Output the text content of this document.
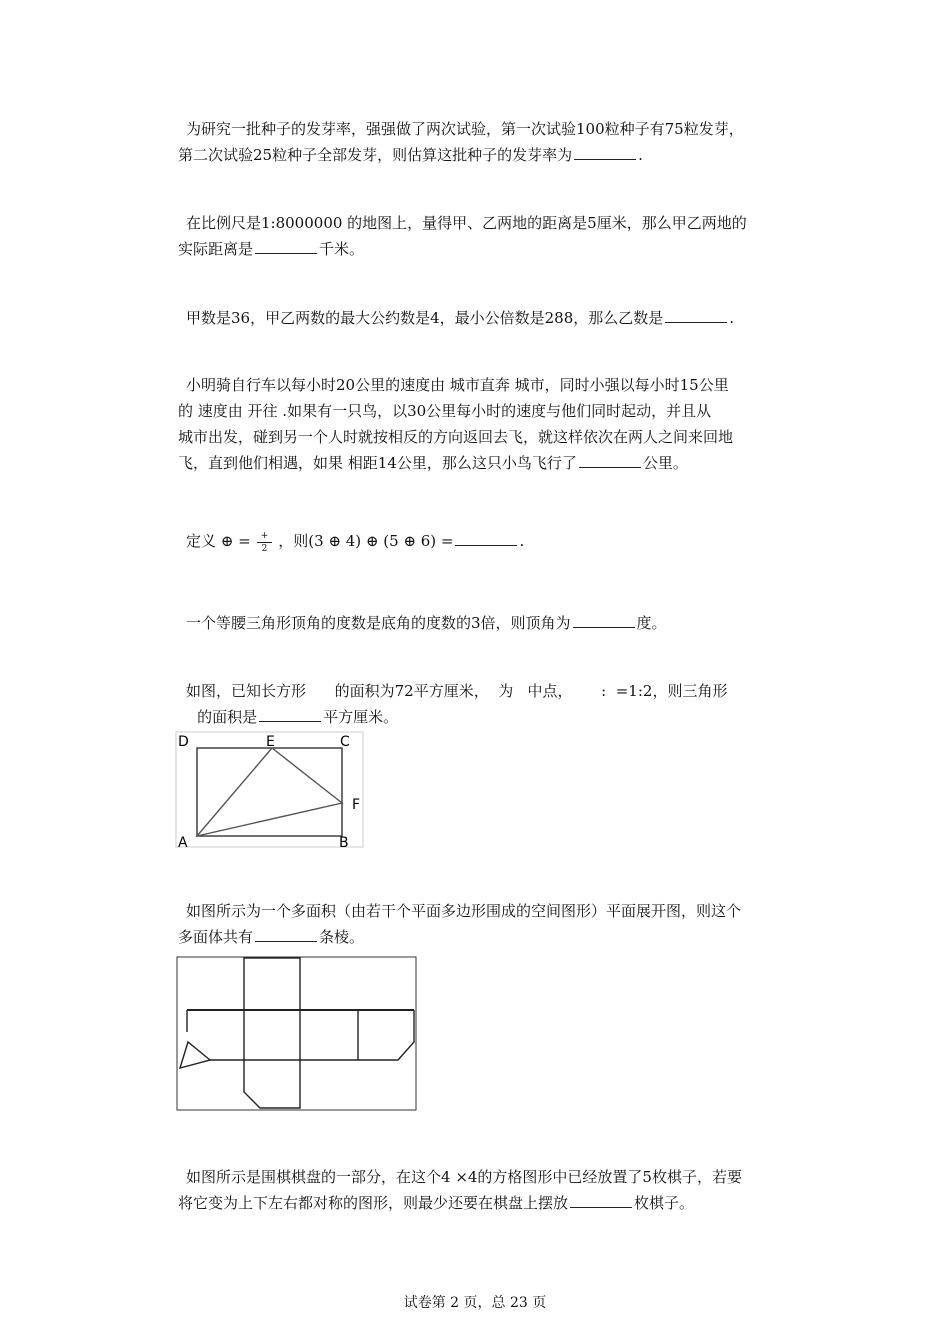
为研究一批种子的发芽率，强强做了两次试验，第一次试验100粒种子有75粒发芽，
第二次试验25粒种子全部发芽，则估算这批种子的发芽率为	.
在比例尺是1:8000000 的地图上，量得甲、乙两地的距离是5厘米，那么甲乙两地的
实际距离是	千米。
甲数是36，甲乙两数的最大公约数是4，最小公倍数是288，那么乙数是	.
小明骑自行车以每小时20公里的速度由 城市直奔 城市，同时小强以每小时15公里
的 速度由 开往 .如果有一只鸟，以30公里每小时的速度与他们同时起动，并且从
城市出发，碰到另一个人时就按相反的方向返回去飞，就这样依次在两人之间来回地
飞，直到他们相遇，如果 相距14公里，那么这只小鸟飞行了	公里。
定义 ⊕ = $\frac{+}{2}$ ，则(3 ⊕ 4) ⊕ (5 ⊕ 6) =	.
一个等腰三角形顶角的度数是底角的度数的3倍，则顶角为	度。
如图，已知长方形      的面积为72平方厘米，  为   中点，      :  =1:2，则三角形
的面积是	平方厘米。
D	E	C
F
A	B
如图所示为一个多面积（由若干个平面多边形围成的空间图形）平面展开图，则这个
多面体共有	条棱。
如图所示是围棋棋盘的一部分，在这个4 ×4的方格图形中已经放置了5枚棋子，若要
将它变为上下左右都对称的图形，则最少还要在棋盘上摆放	枚棋子。
试卷第 2 页，总 23 页
